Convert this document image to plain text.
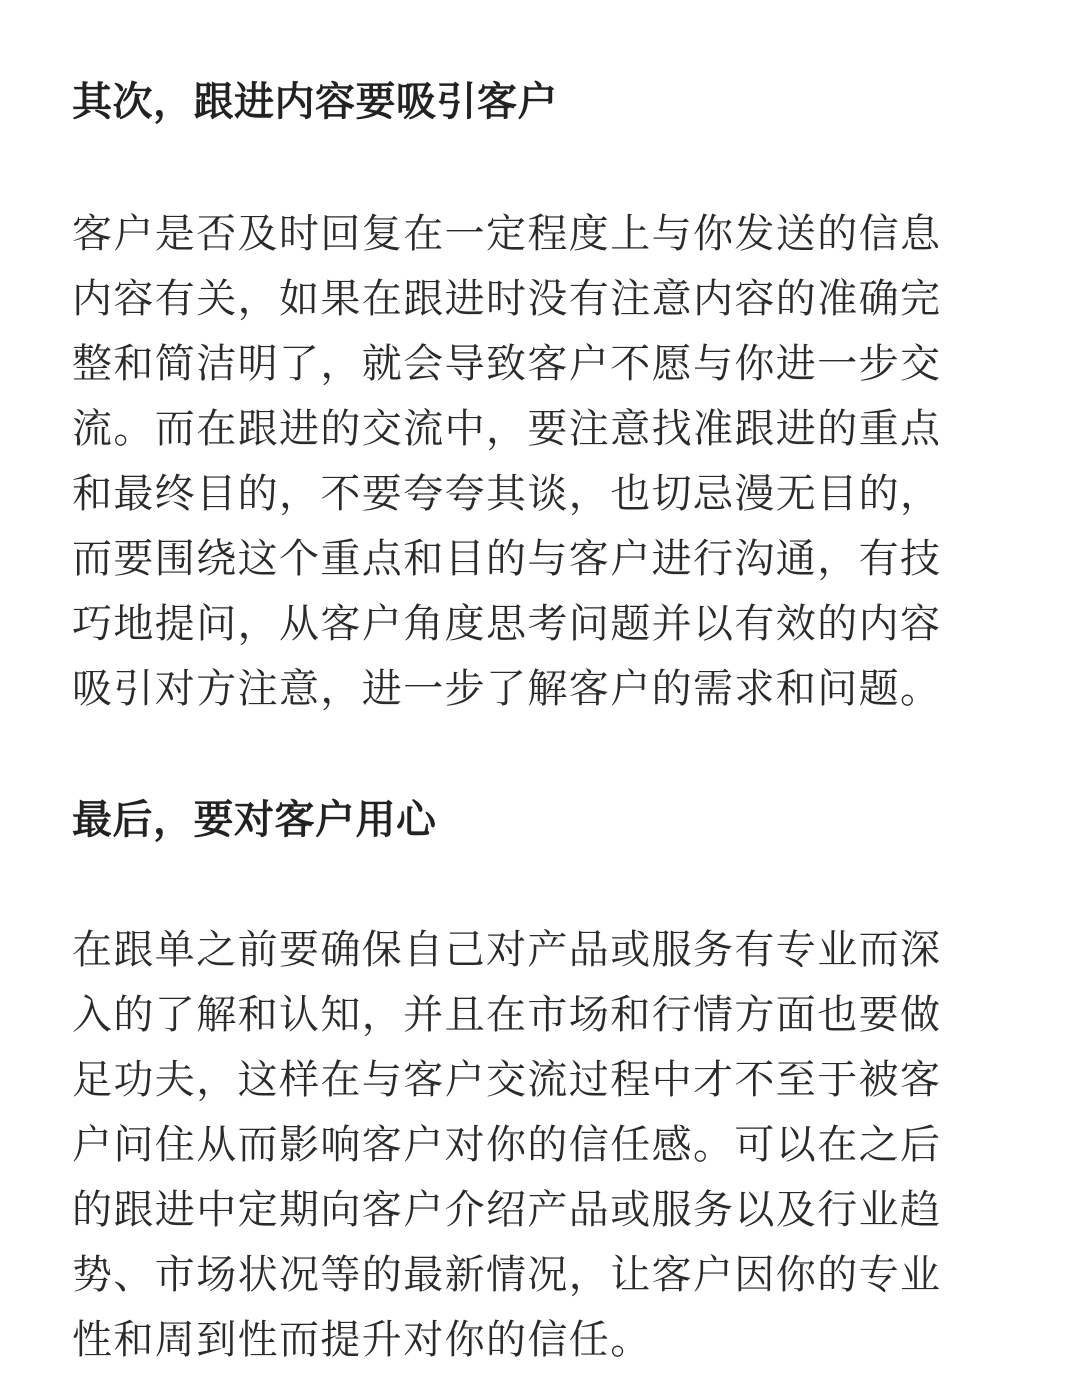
其次，跟进内容要吸引客户
客户是否及时回复在一定程度上与你发送的信息
内容有关，如果在跟进时没有注意内容的准确完
整和简洁明了，就会导致客户不愿与你进一步交
流。而在跟进的交流中，要注意找准跟进的重点
和最终目的，不要夸夸其谈，也切忌漫无目的，
而要围绕这个重点和目的与客户进行沟通，有技
巧地提问，从客户角度思考问题并以有效的内容
吸引对方注意，进一步了解客户的需求和问题。
最后，要对客户用心
在跟单之前要确保自己对产品或服务有专业而深
入的了解和认知，并且在市场和行情方面也要做
足功夫，这样在与客户交流过程中才不至于被客
户问住从而影响客户对你的信任感。可以在之后
的跟进中定期向客户介绍产品或服务以及行业趋
势、市场状况等的最新情况，让客户因你的专业
性和周到性而提升对你的信任。
